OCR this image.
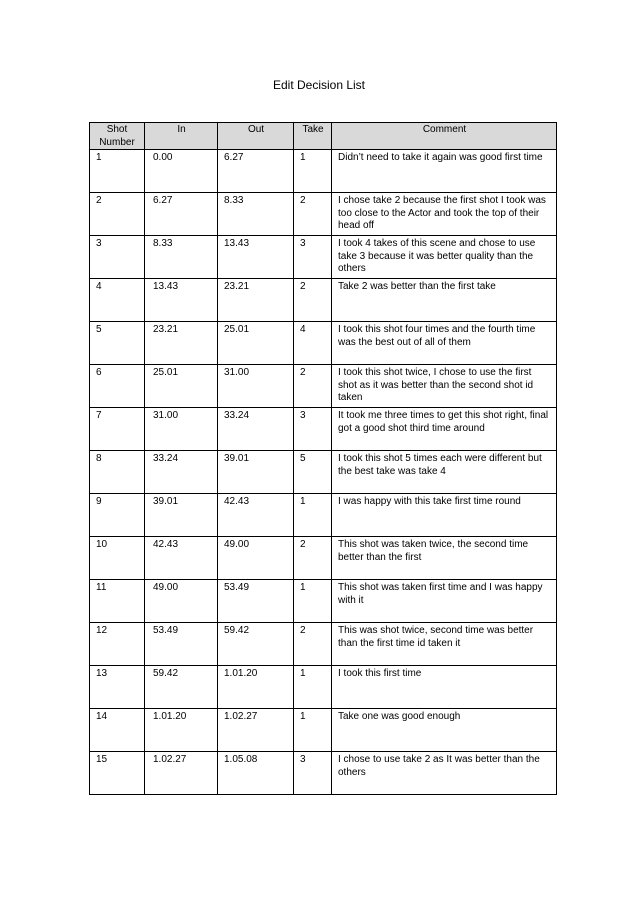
Edit Decision List
Shot Number	In	Out	Take	Comment
1	0.00	6.27	1	Didn’t need to take it again was good first time
2	6.27	8.33	2	I chose take 2 because the first shot I took was too close to the Actor and took the top of their head off
3	8.33	13.43	3	I took 4 takes of this scene and chose to use take 3 because it was better quality than the others
4	13.43	23.21	2	Take 2 was better than the first take
5	23.21	25.01	4	I took this shot four times and the fourth time was the best out of all of them
6	25.01	31.00	2	I took this shot twice, I chose to use the first shot as it was better than the second shot id taken
7	31.00	33.24	3	It took me three times to get this shot right, final got a good shot third time around
8	33.24	39.01	5	I took this shot 5 times each were different but the best take was take 4
9	39.01	42.43	1	I was happy with this take first time round
10	42.43	49.00	2	This shot was taken twice, the second time better than the first
11	49.00	53.49	1	This shot was taken first time and I was happy with it
12	53.49	59.42	2	This was shot twice, second time was better than the first time id taken it
13	59.42	1.01.20	1	I took this first time
14	1.01.20	1.02.27	1	Take one was good enough
15	1.02.27	1.05.08	3	I chose to use take 2 as It was better than the others
